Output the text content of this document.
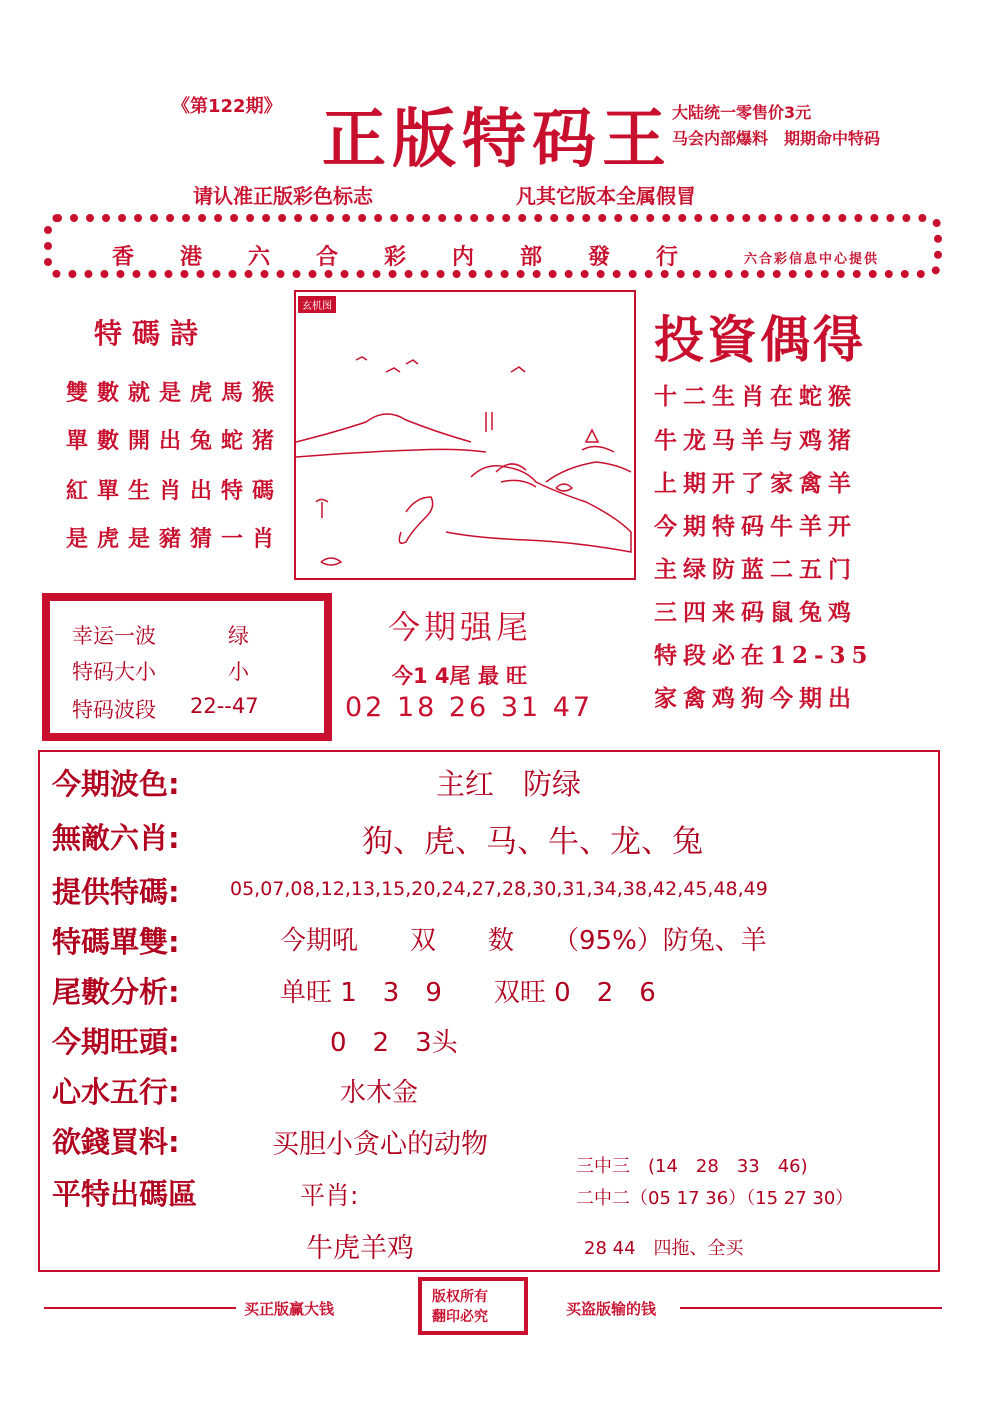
《第122期》 正版特码王 大陆统一零售价3元
马会内部爆料　期期命中特码
请认准正版彩色标志	凡其它版本全属假冒
香港六合彩内部發行 六合彩信息中心提供
特碼詩
雙數就是虎馬猴
單數開出兔蛇猪
紅單生肖出特碼
是虎是豬猜一肖
玄机图
投資偶得
十二生肖在蛇猴
牛龙马羊与鸡猪
上期开了家禽羊
今期特码牛羊开
主绿防蓝二五门
三四来码鼠兔鸡
特段必在12-35
家禽鸡狗今期出
幸运一波	绿
特码大小	小
特码波段 22--47
今期强尾
今1 4尾 最 旺
02 18 26 31 47
今期波色:	主红　防绿
無敵六肖:	狗、虎、马、牛、龙、兔
提供特碼:	05,07,08,12,13,15,20,24,27,28,30,31,34,38,42,45,48,49
特碼單雙:	今期吼　　双　　数　　（95%）防兔、羊
尾數分析:	单旺 1　3　9　　双旺 0　2　6
今期旺頭:	0　2　3头
心水五行:	水木金
欲錢買料:	买胆小贪心的动物
平特出碼區	平肖:
牛虎羊鸡
三中三　(14　28　33　46)
二中二（05 17 36）（15 27 30）
28 44　四拖、全买
买正版赢大钱
版权所有
翻印必究	买盗版输的钱
